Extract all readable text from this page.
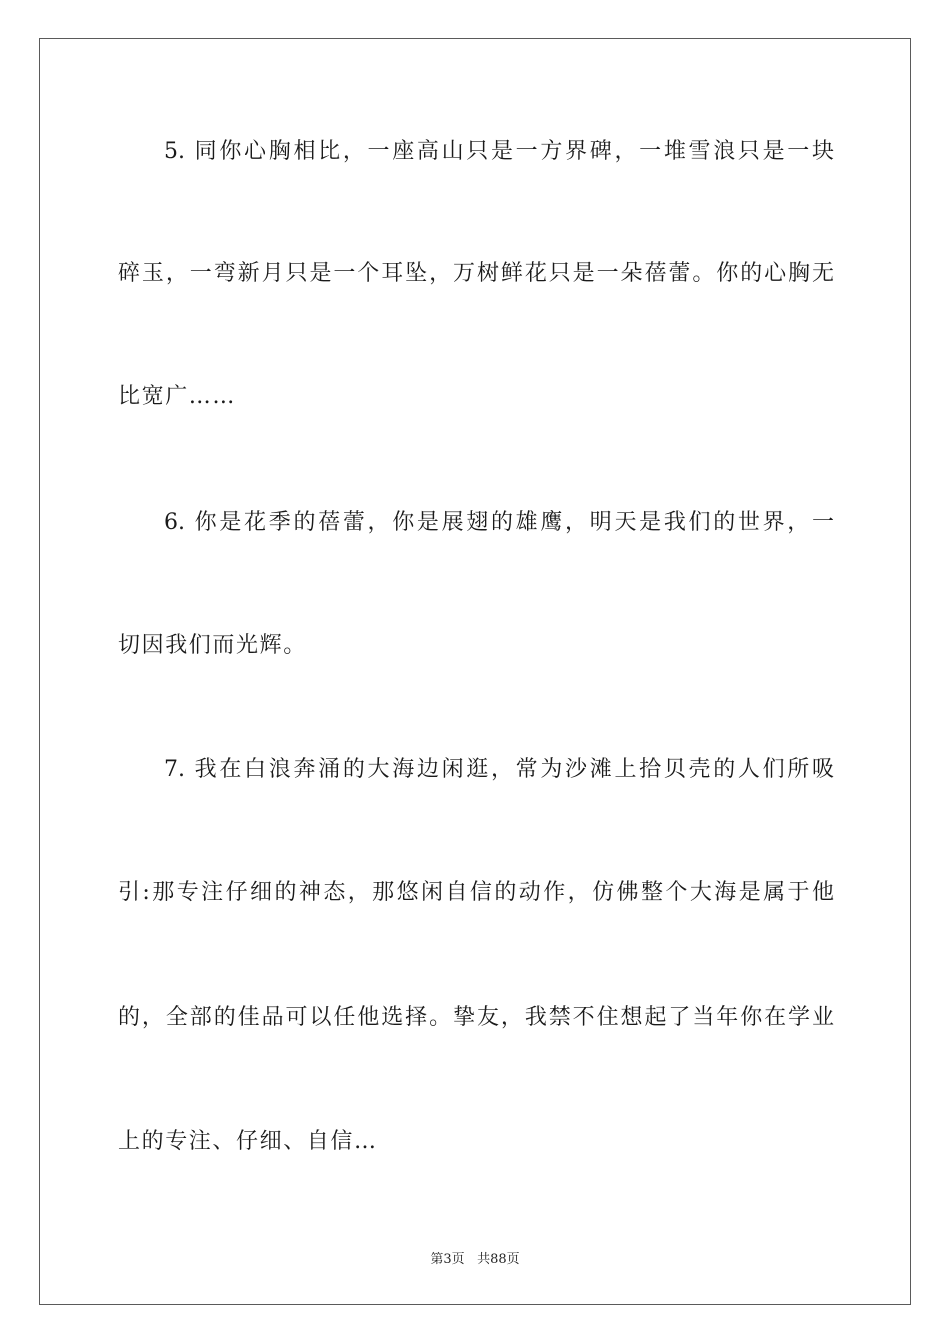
5. 同你心胸相比，一座高山只是一方界碑，一堆雪浪只是一块
碎玉，一弯新月只是一个耳坠，万树鲜花只是一朵蓓蕾。你的心胸无
比宽广……
6. 你是花季的蓓蕾，你是展翅的雄鹰，明天是我们的世界，一
切因我们而光辉。
7. 我在白浪奔涌的大海边闲逛，常为沙滩上拾贝壳的人们所吸
引:那专注仔细的神态，那悠闲自信的动作，仿佛整个大海是属于他
的，全部的佳品可以任他选择。挚友，我禁不住想起了当年你在学业
上的专注、仔细、自信…
第3页 共88页
